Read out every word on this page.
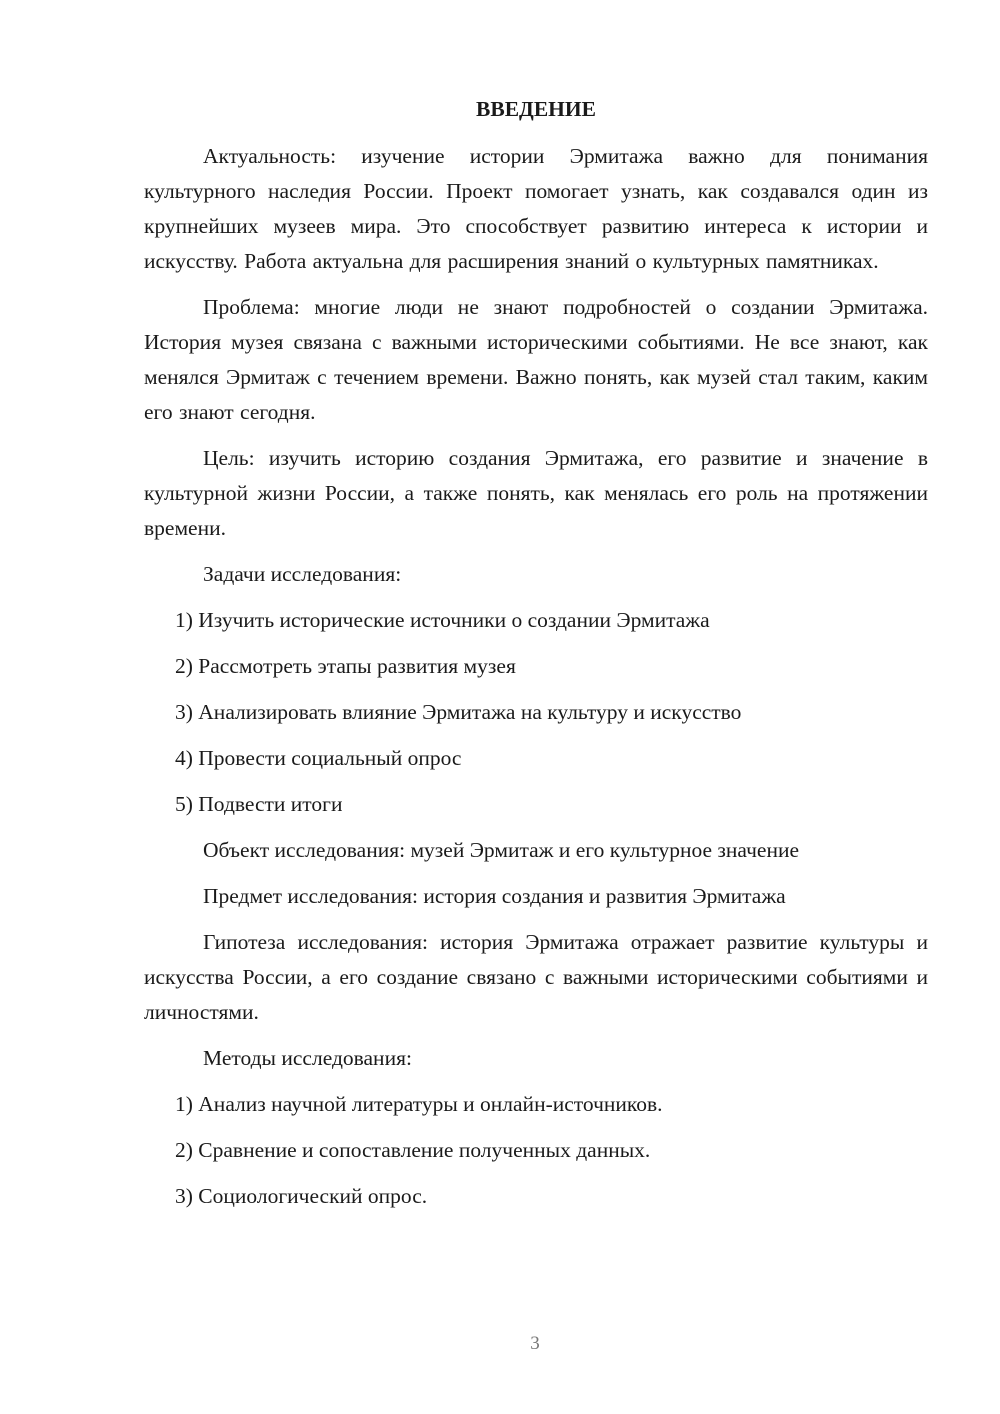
ВВЕДЕНИЕ

Актуальность: изучение истории Эрмитажа важно для понимания культурного наследия России. Проект помогает узнать, как создавался один из крупнейших музеев мира. Это способствует развитию интереса к истории и искусству. Работа актуальна для расширения знаний о культурных памятниках.

Проблема: многие люди не знают подробностей о создании Эрмитажа. История музея связана с важными историческими событиями. Не все знают, как менялся Эрмитаж с течением времени. Важно понять, как музей стал таким, каким его знают сегодня.

Цель: изучить историю создания Эрмитажа, его развитие и значение в культурной жизни России, а также понять, как менялась его роль на протяжении времени.

Задачи исследования:

1) Изучить исторические источники о создании Эрмитажа

2) Рассмотреть этапы развития музея

3) Анализировать влияние Эрмитажа на культуру и искусство

4) Провести социальный опрос

5) Подвести итоги

Объект исследования: музей Эрмитаж и его культурное значение

Предмет исследования: история создания и развития Эрмитажа

Гипотеза исследования: история Эрмитажа отражает развитие культуры и искусства России, а его создание связано с важными историческими событиями и личностями.

Методы исследования:

1) Анализ научной литературы и онлайн-источников.

2) Сравнение и сопоставление полученных данных.

3) Социологический опрос.

3
